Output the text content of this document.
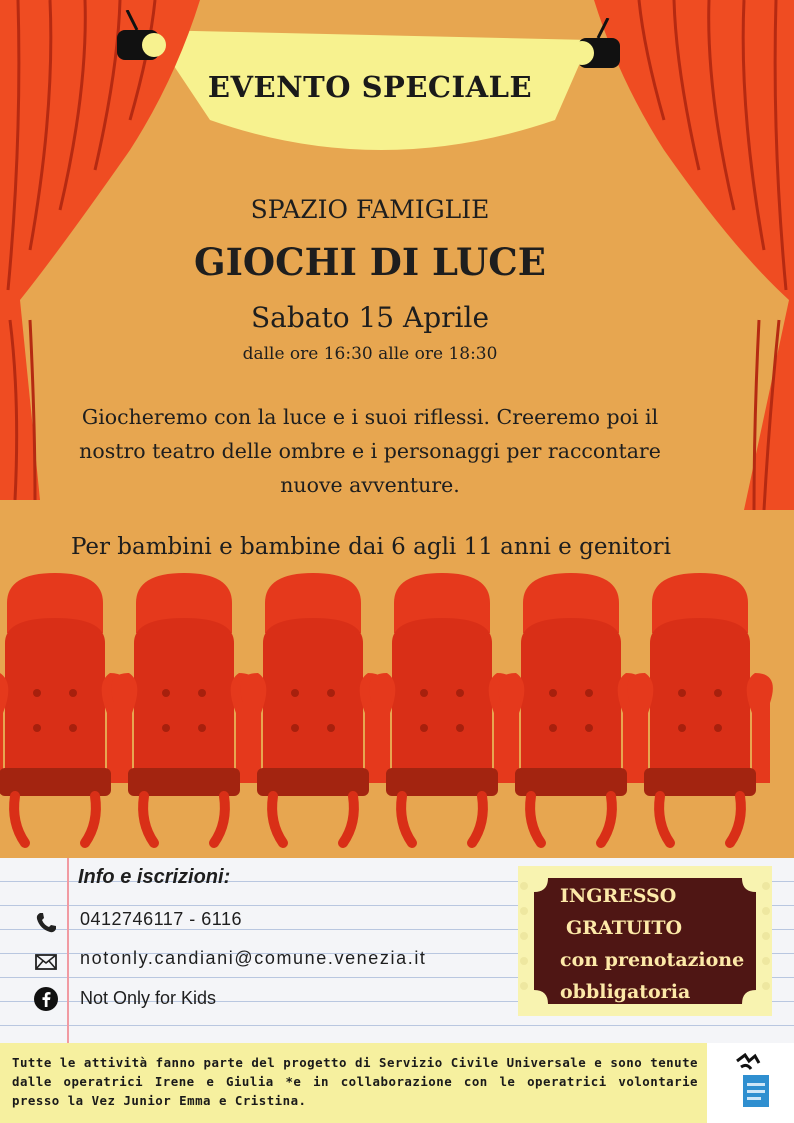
EVENTO SPECIALE
SPAZIO FAMIGLIE
GIOCHI DI LUCE
Sabato 15 Aprile
dalle ore 16:30 alle ore 18:30
Giocheremo con la luce e i suoi riflessi. Creeremo poi il
nostro teatro delle ombre e i personaggi per raccontare
nuove avventure.
Per bambini e bambine dai 6 agli 11 anni e genitori
Info e iscrizioni:
0412746117 - 6116
notonly.candiani@comune.venezia.it
Not Only for Kids
INGRESSO
GRATUITO
con prenotazione
obbligatoria
Tutte le attività fanno parte del progetto di Servizio Civile Universale e sono tenute dalle operatrici Irene e Giulia *e in collaborazione con le operatrici volontarie presso la Vez Junior Emma e Cristina.
